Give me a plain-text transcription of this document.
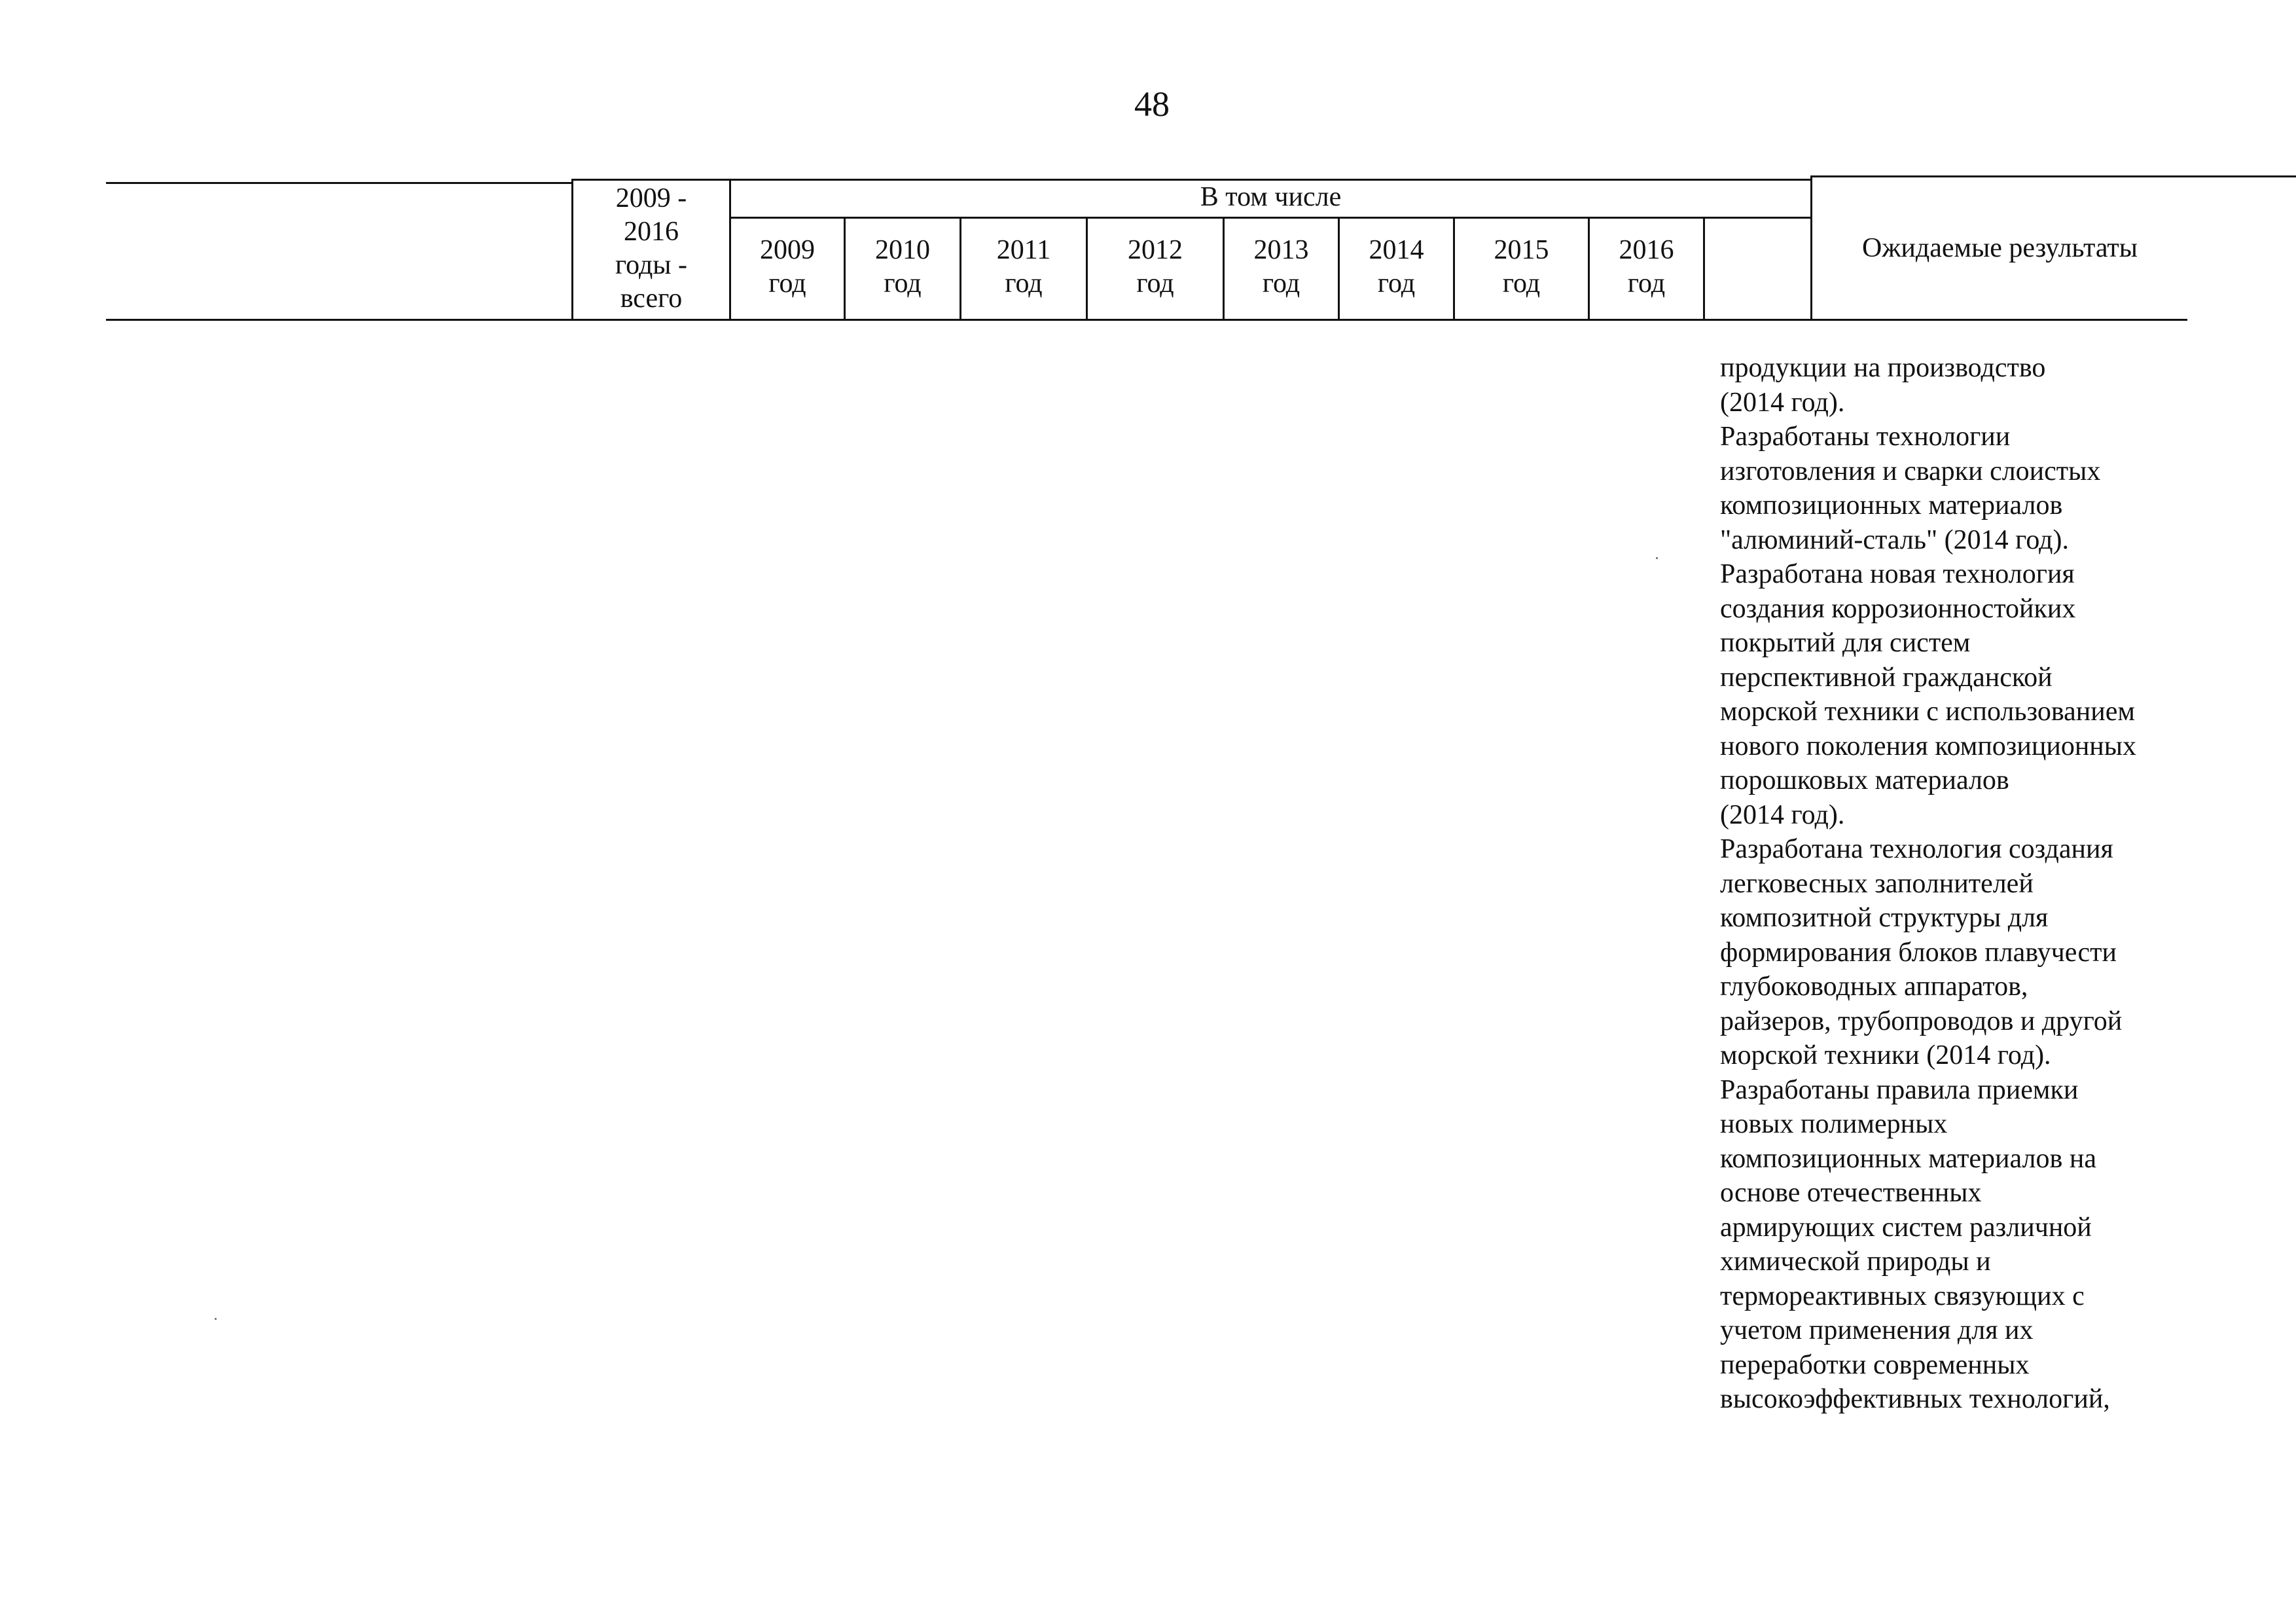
48
2009 -
2016
годы -
всего
В том числе
2009
год
2010
год
2011
год
2012
год
2013
год
2014
год
2015
год
2016
год
Ожидаемые результаты

продукции на производство
(2014 год).

Разработаны технологии
изготовления и сварки слоистых
композиционных материалов
"алюминий-сталь" (2014 год).

Разработана новая технология
создания коррозионностойких
покрытий для систем
перспективной гражданской
морской техники с использованием
нового поколения композиционных
порошковых материалов
(2014 год).

Разработана технология создания
легковесных заполнителей
композитной структуры для
формирования блоков плавучести
глубоководных аппаратов,
райзеров, трубопроводов и другой
морской техники (2014 год).

Разработаны правила приемки
новых полимерных
композиционных материалов на
основе отечественных
армирующих систем различной
химической природы и
термореактивных связующих с
учетом применения для их
переработки современных
высокоэффективных технологий,
